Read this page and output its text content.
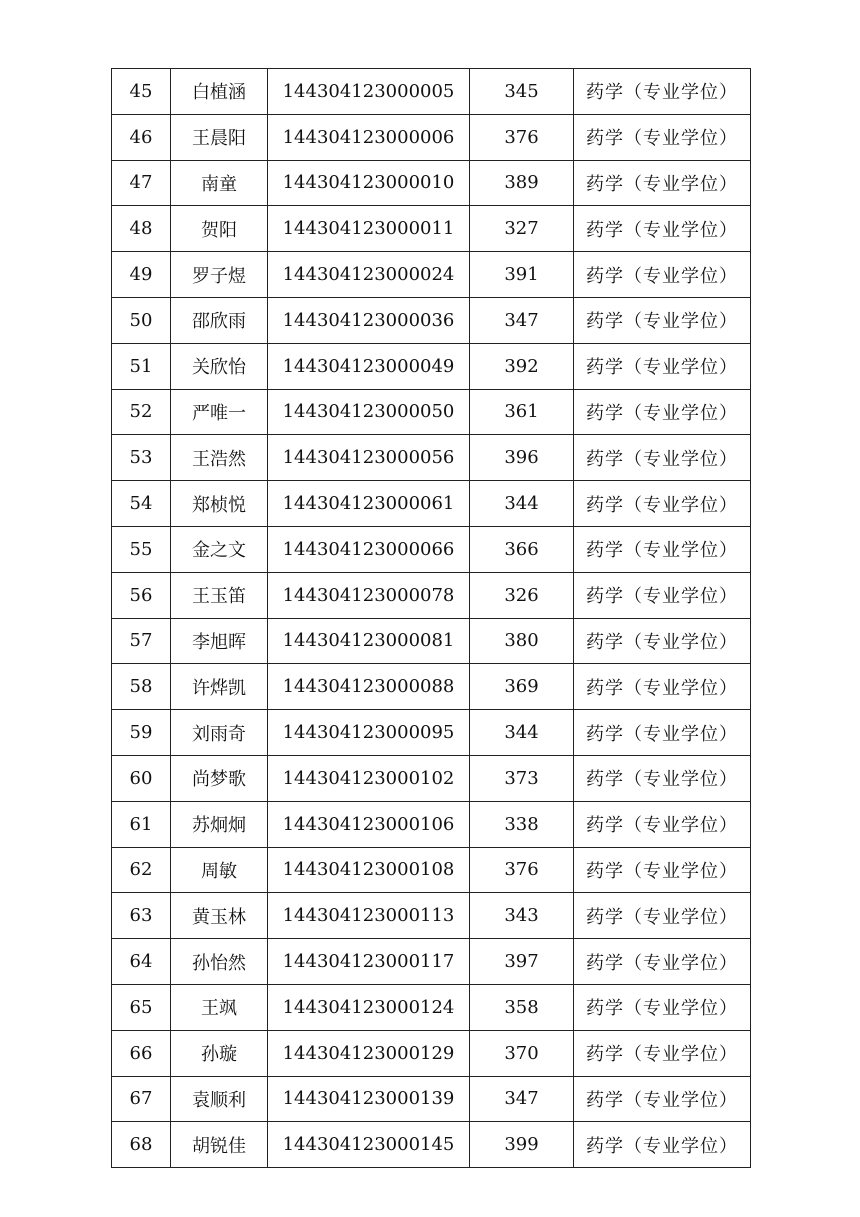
45	白植涵	144304123000005	345	药学（专业学位）
46	王晨阳	144304123000006	376	药学（专业学位）
47	南童	144304123000010	389	药学（专业学位）
48	贺阳	144304123000011	327	药学（专业学位）
49	罗子煜	144304123000024	391	药学（专业学位）
50	邵欣雨	144304123000036	347	药学（专业学位）
51	关欣怡	144304123000049	392	药学（专业学位）
52	严唯一	144304123000050	361	药学（专业学位）
53	王浩然	144304123000056	396	药学（专业学位）
54	郑桢悦	144304123000061	344	药学（专业学位）
55	金之文	144304123000066	366	药学（专业学位）
56	王玉笛	144304123000078	326	药学（专业学位）
57	李旭晖	144304123000081	380	药学（专业学位）
58	许烨凯	144304123000088	369	药学（专业学位）
59	刘雨奇	144304123000095	344	药学（专业学位）
60	尚梦歌	144304123000102	373	药学（专业学位）
61	苏炯炯	144304123000106	338	药学（专业学位）
62	周敏	144304123000108	376	药学（专业学位）
63	黄玉林	144304123000113	343	药学（专业学位）
64	孙怡然	144304123000117	397	药学（专业学位）
65	王飒	144304123000124	358	药学（专业学位）
66	孙璇	144304123000129	370	药学（专业学位）
67	袁顺利	144304123000139	347	药学（专业学位）
68	胡锐佳	144304123000145	399	药学（专业学位）
